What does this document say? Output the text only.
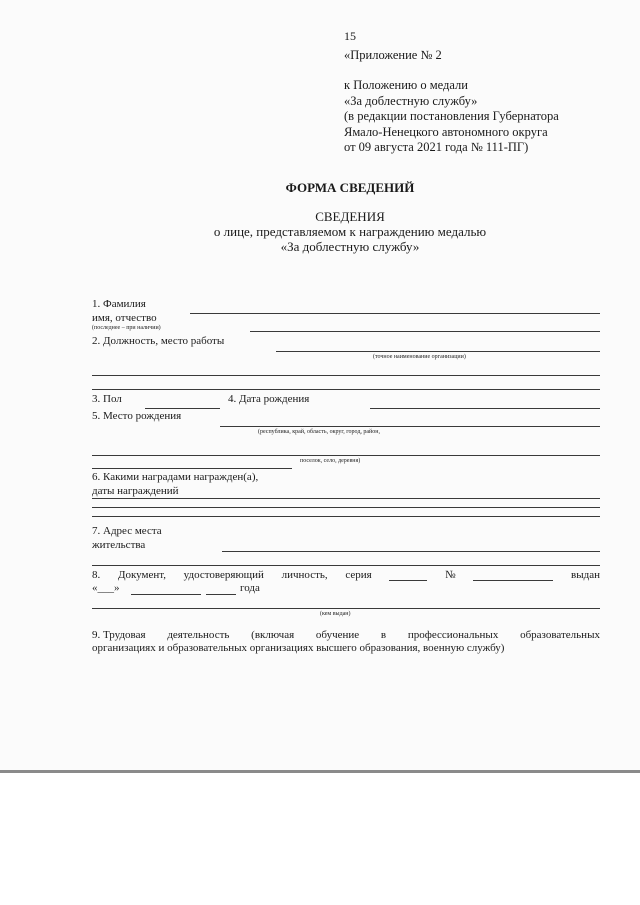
15
«Приложение № 2
к Положению о медали
«За доблестную службу»
(в редакции постановления Губернатора
Ямало-Ненецкого автономного округа
от 09 августа 2021 года № 111-ПГ)
ФОРМА СВЕДЕНИЙ
СВЕДЕНИЯ
о лице, представляемом к награждению медалью
«За доблестную службу»
1. Фамилия
имя, отчество
(последнее – при наличии)
2. Должность, место работы
(точное наименование организации)
3. Пол	4. Дата рождения
5. Место рождения
(республика, край, область, округ, город, район,
поселок, село, деревня)
6. Какими наградами награжден(а),
даты награждений
7. Адрес места
жительства
8. Документ, удостоверяющий личность, серия	№	выдан
«___»	года
(кем выдан)
9. Трудовая деятельность (включая обучение в профессиональных образовательных
организациях и образовательных организациях высшего образования, военную службу)
